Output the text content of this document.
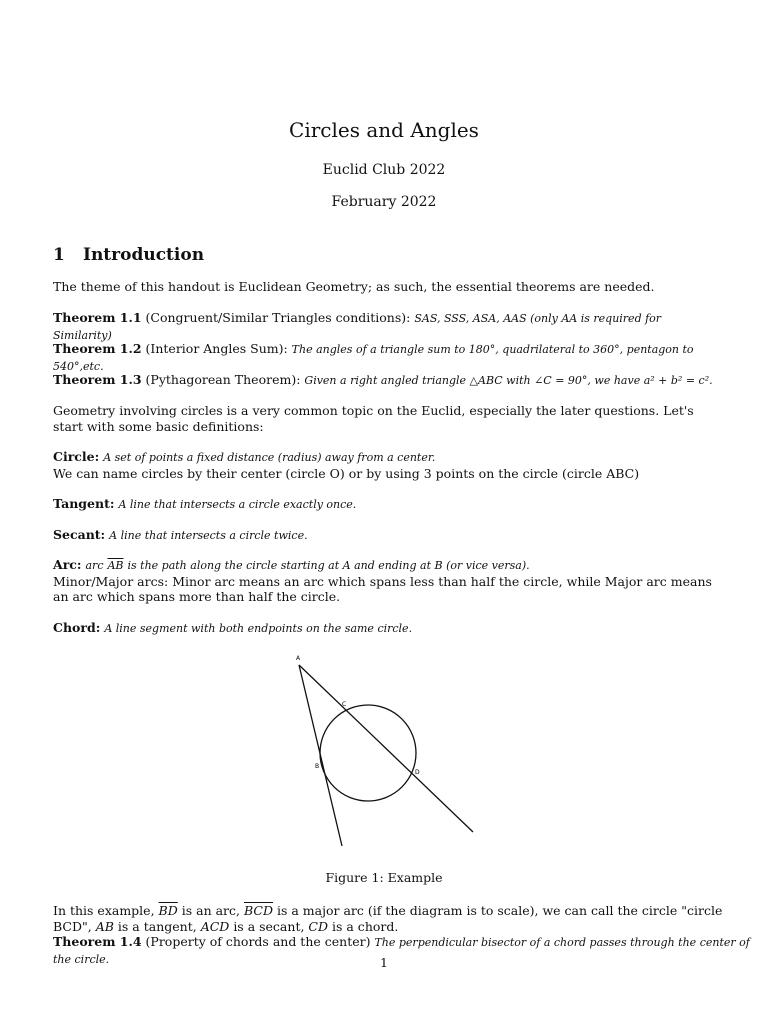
Circles and Angles
Euclid Club 2022
February 2022
1 Introduction
The theme of this handout is Euclidean Geometry; as such, the essential theorems are needed.
Theorem 1.1 (Congruent/Similar Triangles conditions): SAS, SSS, ASA, AAS (only AA is required for Similarity)
Theorem 1.2 (Interior Angles Sum): The angles of a triangle sum to 180°, quadrilateral to 360°, pentagon to 540°,etc.
Theorem 1.3 (Pythagorean Theorem): Given a right angled triangle △ABC with ∠C = 90°, we have a² + b² = c².
Geometry involving circles is a very common topic on the Euclid, especially the later questions. Let's start with some basic definitions:
Circle: A set of points a fixed distance (radius) away from a center.
We can name circles by their center (circle O) or by using 3 points on the circle (circle ABC)
Tangent: A line that intersects a circle exactly once.
Secant: A line that intersects a circle twice.
Arc: arc $\overline{AB}$ is the path along the circle starting at A and ending at B (or vice versa).
Minor/Major arcs: Minor arc means an arc which spans less than half the circle, while Major arc means an arc which spans more than half the circle.
Chord: A line segment with both endpoints on the same circle.
A
C
B
D
Figure 1: Example
In this example, $\overline{BD}$ is an arc, $\overline{BCD}$ is a major arc (if the diagram is to scale), we can call the circle "circle BCD", AB is a tangent, ACD is a secant, CD is a chord.
Theorem 1.4 (Property of chords and the center) The perpendicular bisector of a chord passes through the center of the circle.	1
